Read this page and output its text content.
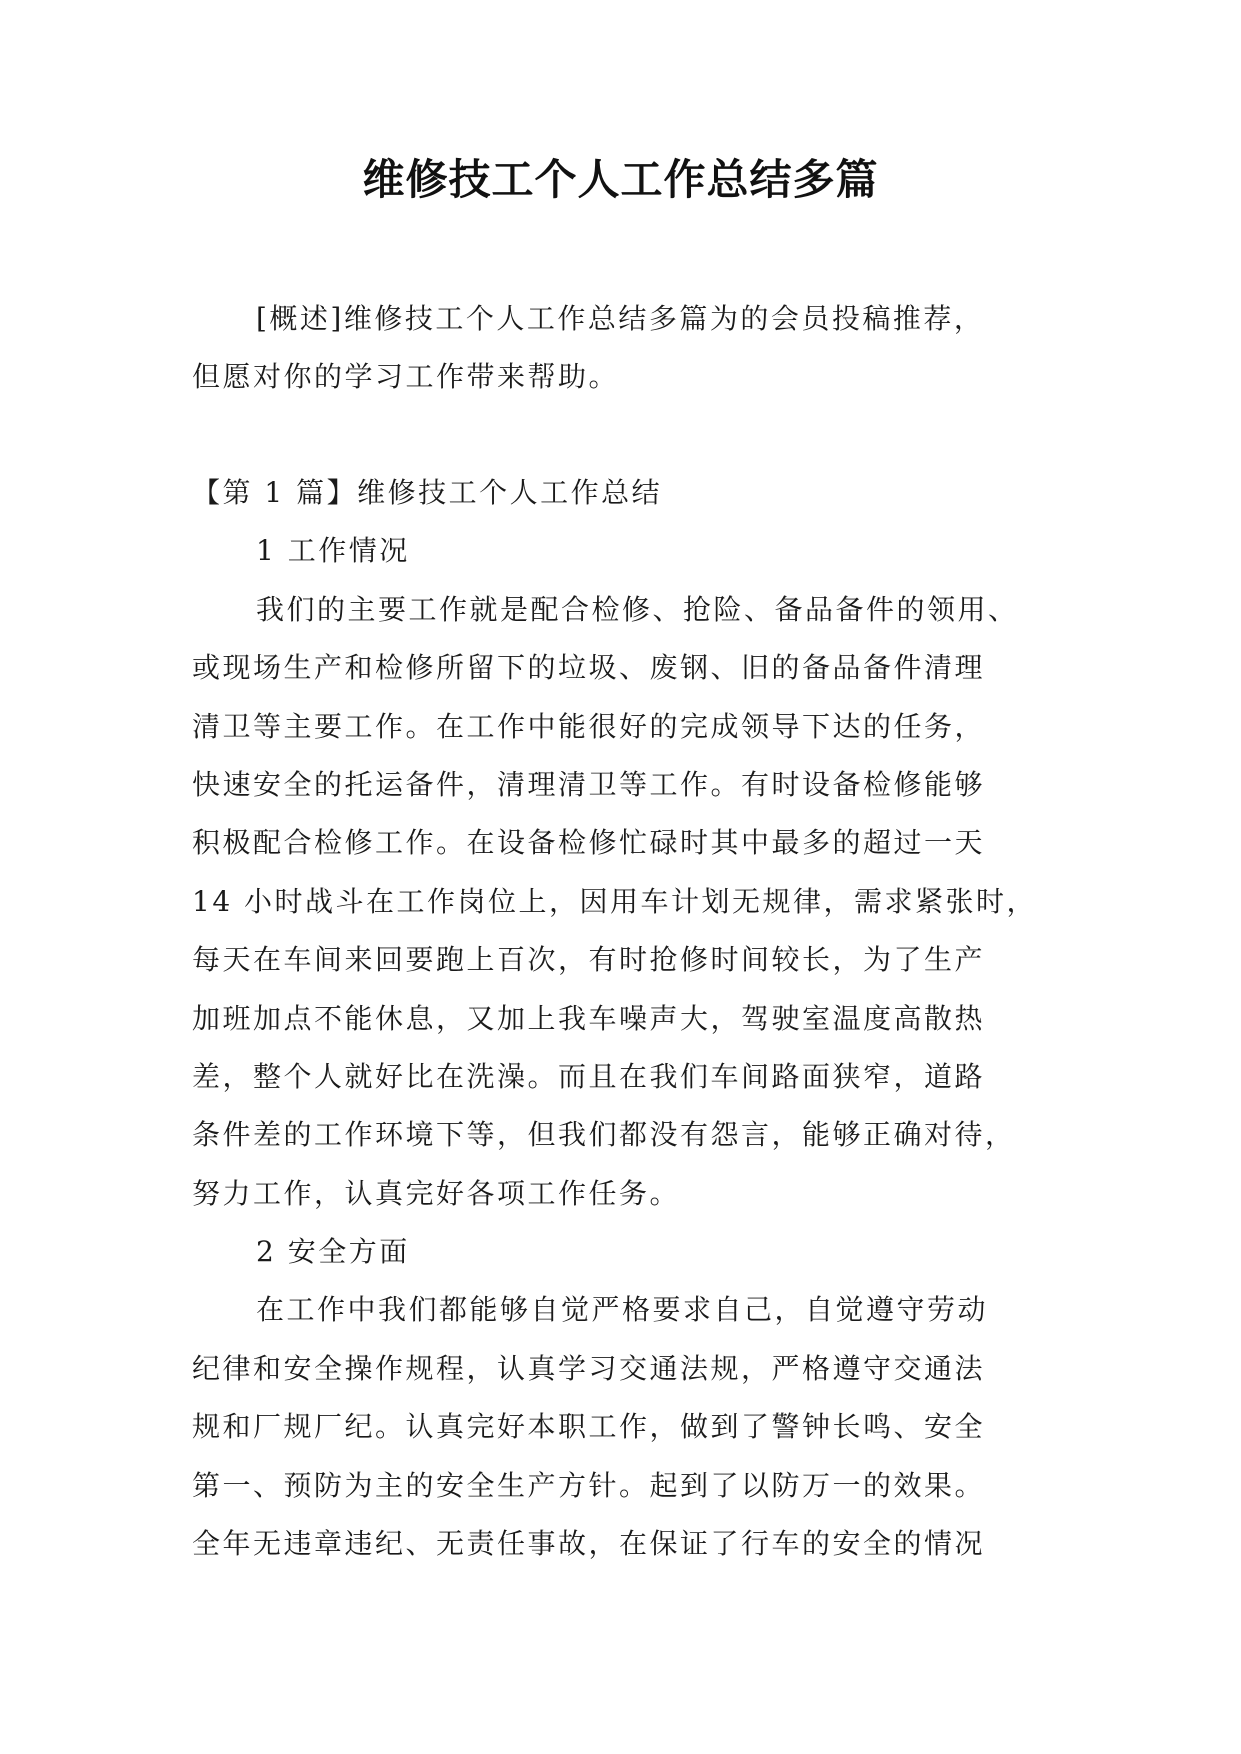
维修技工个人工作总结多篇
[概述]维修技工个人工作总结多篇为的会员投稿推荐，
但愿对你的学习工作带来帮助。
【第 1 篇】维修技工个人工作总结
1 工作情况
我们的主要工作就是配合检修、抢险、备品备件的领用、
或现场生产和检修所留下的垃圾、废钢、旧的备品备件清理
清卫等主要工作。在工作中能很好的完成领导下达的任务，
快速安全的托运备件，清理清卫等工作。有时设备检修能够
积极配合检修工作。在设备检修忙碌时其中最多的超过一天
14 小时战斗在工作岗位上，因用车计划无规律，需求紧张时，
每天在车间来回要跑上百次，有时抢修时间较长，为了生产
加班加点不能休息，又加上我车噪声大，驾驶室温度高散热
差，整个人就好比在洗澡。而且在我们车间路面狭窄，道路
条件差的工作环境下等，但我们都没有怨言，能够正确对待，
努力工作，认真完好各项工作任务。
2 安全方面
在工作中我们都能够自觉严格要求自己，自觉遵守劳动
纪律和安全操作规程，认真学习交通法规，严格遵守交通法
规和厂规厂纪。认真完好本职工作，做到了警钟长鸣、安全
第一、预防为主的安全生产方针。起到了以防万一的效果。
全年无违章违纪、无责任事故，在保证了行车的安全的情况
